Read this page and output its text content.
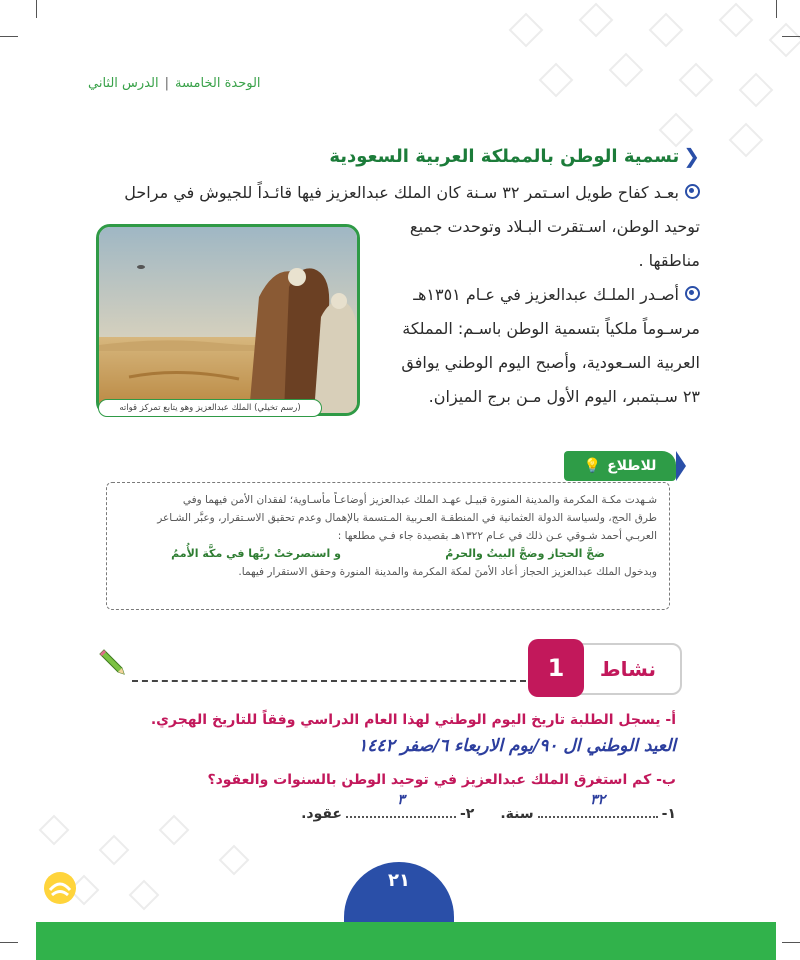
الوحدة الخامسة|الدرس الثاني
❮
تسمية الوطن بالمملكة العربية السعودية
بعـد كفاح طويل اسـتمر ٣٢ سـنة كان الملك عبدالعزيز فيها قائـداً للجيوش في مراحل
توحيد الوطن، اسـتقرت البـلاد وتوحدت جميع
مناطقها .
أصـدر الملـك عبدالعزيز في عـام ١٣٥١هـ
مرسـوماً ملكياً بتسمية الوطن باسـم: المملكة
العربية السـعودية، وأصبح اليوم الوطني يوافق
٢٣ سـبتمبر، اليوم الأول مـن برج الميزان.
(رسم تخيلي) الملك عبدالعزيز وهو يتابع تمركز قواته
للاطلاع
💡
شـهدت مكـة المكرمة والمدينة المنورة قبيـل عهـد الملك عبدالعزيز أوضاعـاً مأسـاوية؛ لفقدان الأمن فيهما وفي
طرق الحج، ولسياسة الدولة العثمانية في المنطقـة العـربية المـتسمة بالإهمال وعدم تحقيق الاسـتقرار، وعبَّر الشـاعر
العربـي أحمد شـوقي عـن ذلك في عـام ١٣٢٢هـ بقصيدة جاء فـي مطلعها :
ضجَّ الحجاز وضجَّ البيتُ والحرمُ
و استصرختْ ربَّها في مكَّة الأُممُ
وبدخول الملك عبدالعزيز الحجاز أعاد الأمنَ لمكة المكرمة والمدينة المنورة وحقق الاستقرار فيهما.
1	نشاط
أ- يسجل الطلبة تاريخ اليوم الوطني لهذا العام الدراسي وفقاً للتاريخ الهجري.
العيد الوطني ال ٩٠/يوم الاربعاء ٦/صفر ١٤٤٢
ب- كم استغرق الملك عبدالعزيز في توحيد الوطن بالسنوات والعقود؟
١-
٣٢
سنة.
٢-
٣
عقود.
٢١
